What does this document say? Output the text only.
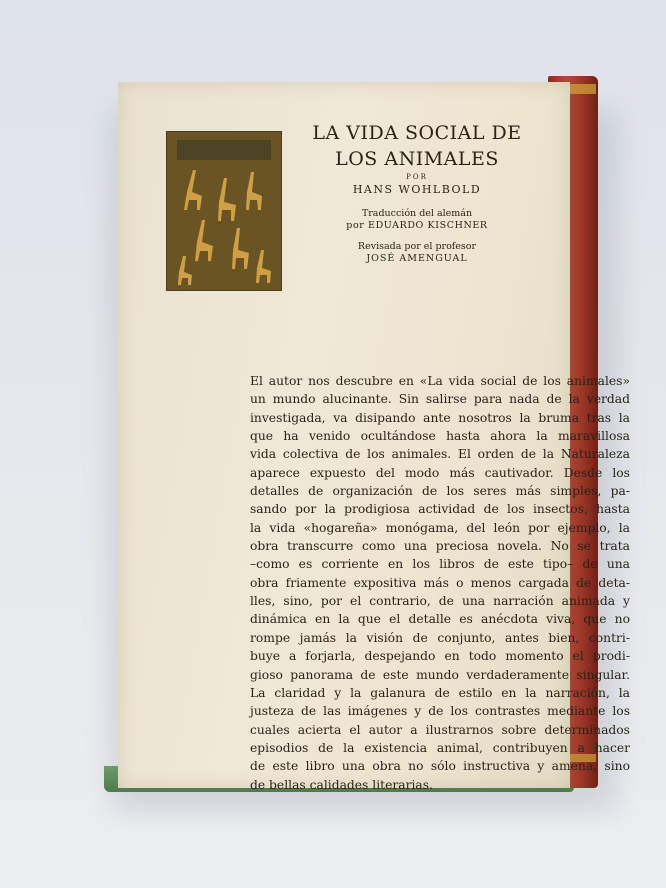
LA VIDA SOCIAL DE
LOS ANIMALES
POR
HANS WOHLBOLD
Traducción del alemán
por EDUARDO KISCHNER
Revisada por el profesor
JOSÉ AMENGUAL
El autor nos descubre en «La vida social de los animales»
un mundo alucinante. Sin salirse para nada de la verdad
investigada, va disipando ante nosotros la bruma tras la
que ha venido ocultándose hasta ahora la maravillosa
vida colectiva de los animales. El orden de la Naturaleza
aparece expuesto del modo más cautivador. Desde los
detalles de organización de los seres más simples, pa-
sando por la prodigiosa actividad de los insectos, hasta
la vida «hogareña» monógama, del león por ejemplo, la
obra transcurre como una preciosa novela. No se trata
–como es corriente en los libros de este tipo– de una
obra friamente expositiva más o menos cargada de deta-
lles, sino, por el contrario, de una narración animada y
dinámica en la que el detalle es anécdota viva, que no
rompe jamás la visión de conjunto, antes bien, contri-
buye a forjarla, despejando en todo momento el prodi-
gioso panorama de este mundo verdaderamente singular.
La claridad y la galanura de estilo en la narración, la
justeza de las imágenes y de los contrastes mediante los
cuales acierta el autor a ilustrarnos sobre determinados
episodios de la existencia animal, contribuyen a hacer
de este libro una obra no sólo instructiva y amena, sino
de bellas calidades literarias.
